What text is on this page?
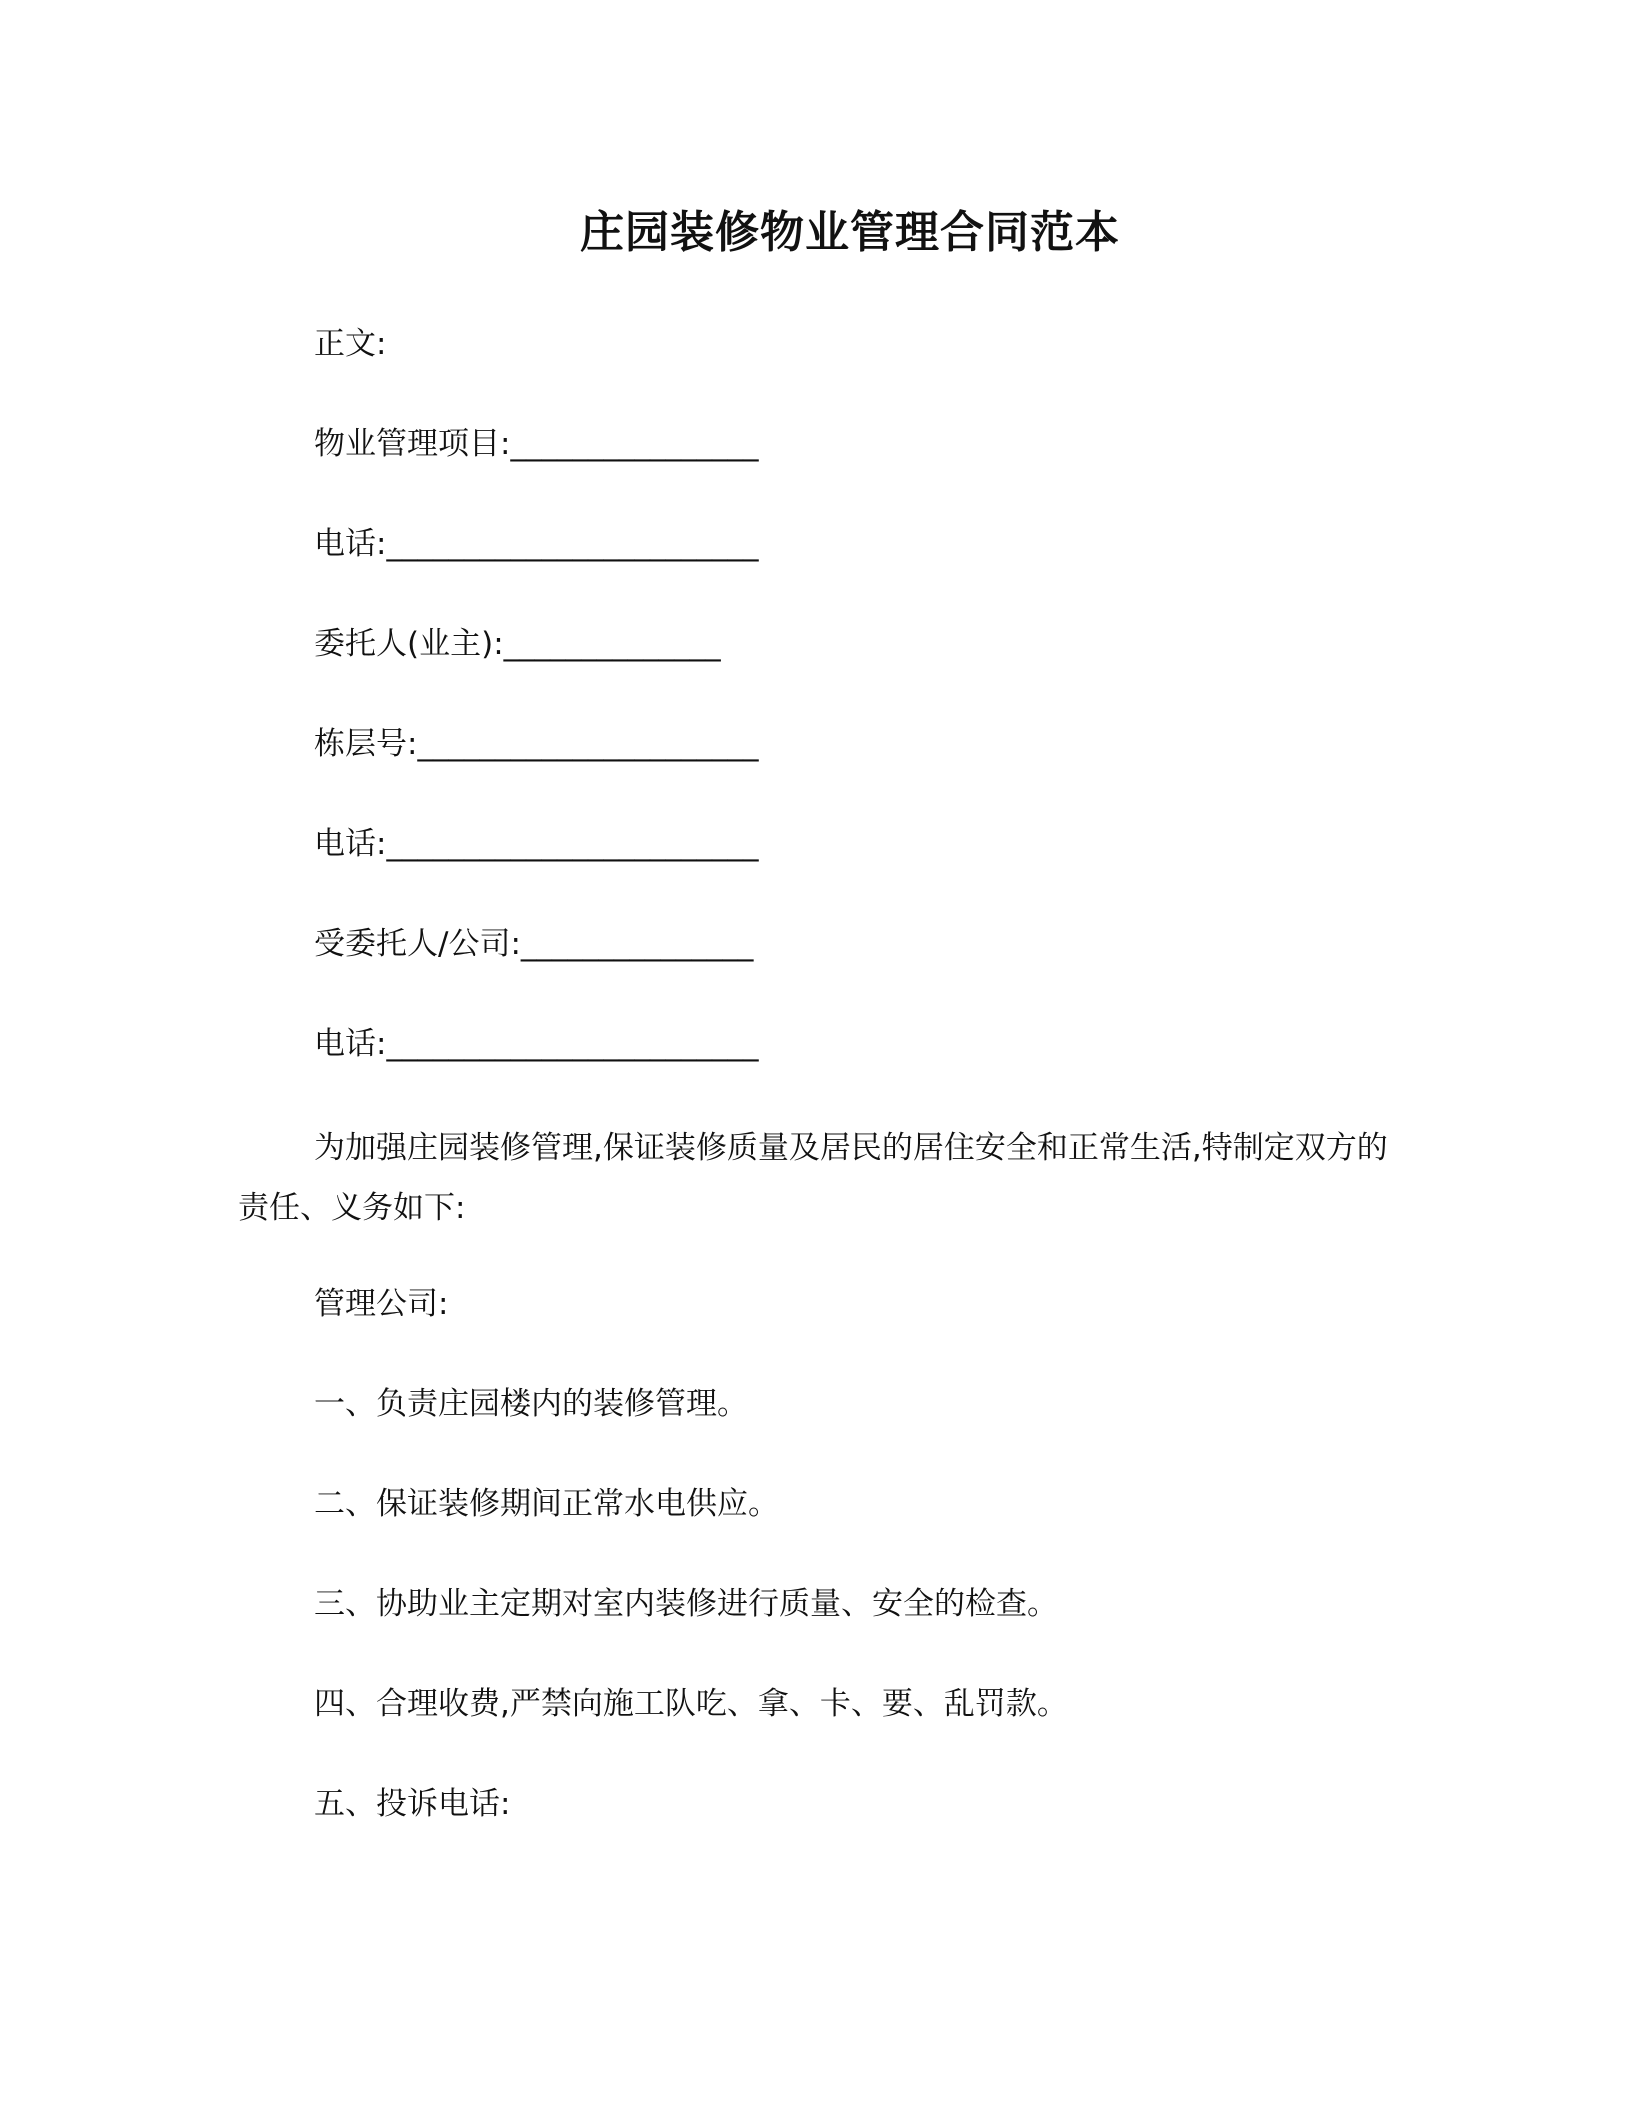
庄园装修物业管理合同范本
正文:
物业管理项目:________________
电话:________________________
委托人(业主):______________
栋层号:______________________
电话:________________________
受委托人/公司:_______________
电话:________________________
为加强庄园装修管理,保证装修质量及居民的居住安全和正常生活,特制定双方的责任、义务如下:
管理公司:
一、负责庄园楼内的装修管理。
二、保证装修期间正常水电供应。
三、协助业主定期对室内装修进行质量、安全的检查。
四、合理收费,严禁向施工队吃、拿、卡、要、乱罚款。
五、投诉电话:
